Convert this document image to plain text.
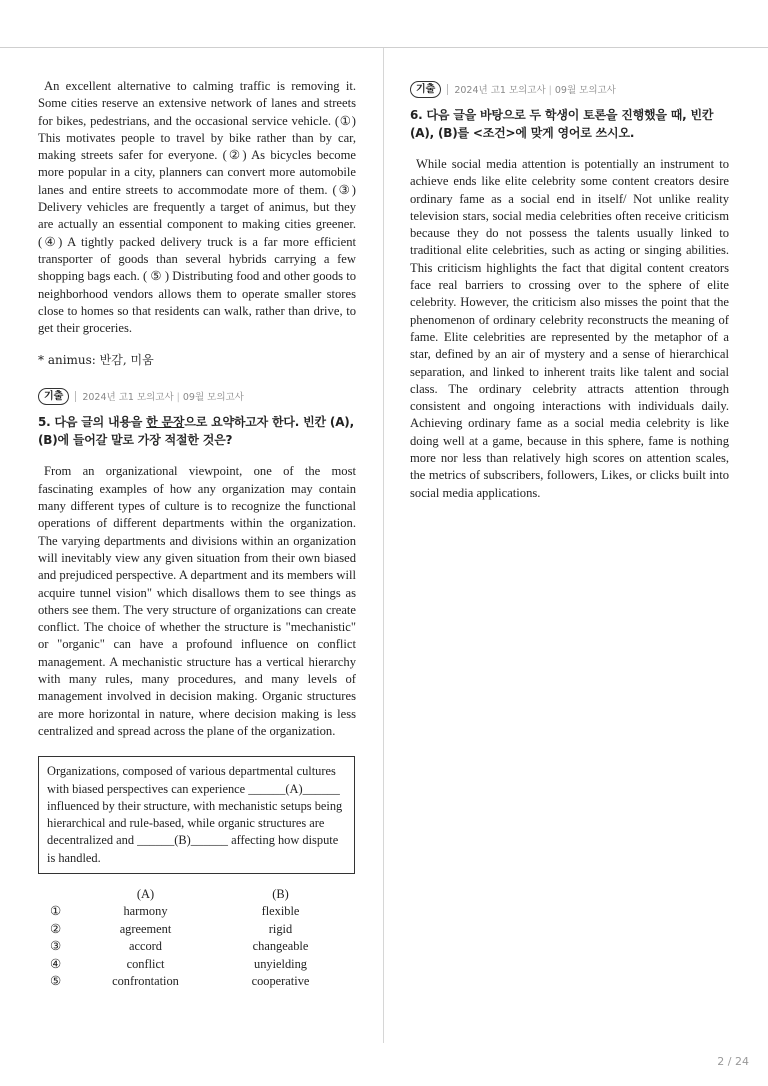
An excellent alternative to calming traffic is removing it. Some cities reserve an extensive network of lanes and streets for bikes, pedestrians, and the occasional service vehicle. (①) This motivates people to travel by bike rather than by car, making streets safer for everyone. (②) As bicycles become more popular in a city, planners can convert more automobile lanes and entire streets to accommodate more of them. (③) Delivery vehicles are frequently a target of animus, but they are actually an essential component to making cities greener. (④) A tightly packed delivery truck is a far more efficient transporter of goods than several hybrids carrying a few shopping bags each. ( ⑤ ) Distributing food and other goods to neighborhood vendors allows them to operate smaller stores close to homes so that residents can walk, rather than drive, to get their groceries.

* animus: 반감, 미움

기출	2024년 고1 모의고사 | 09월 모의고사

5. 다음 글의 내용을 한 문장으로 요약하고자 한다. 빈칸 (A), (B)에 들어갈 말로 가장 적절한 것은?

From an organizational viewpoint, one of the most fascinating examples of how any organization may contain many different types of culture is to recognize the functional operations of different departments within the organization. The varying departments and divisions within an organization will inevitably view any given situation from their own biased and prejudiced perspective. A department and its members will acquire tunnel vision" which disallows them to see things as others see them. The very structure of organizations can create conflict. The choice of whether the structure is "mechanistic" or "organic" can have a profound influence on conflict management. A mechanistic structure has a vertical hierarchy with many rules, many procedures, and many levels of management involved in decision making. Organic structures are more horizontal in nature, where decision making is less centralized and spread across the plane of the organization.

Organizations, composed of various departmental cultures with biased perspectives can experience ______(A)______ influenced by their structure, with mechanistic setups being hierarchical and rule-based, while organic structures are decentralized and ______(B)______ affecting how dispute is handled.

	(A)	(B)
①	harmony	flexible
②	agreement	rigid
③	accord	changeable
④	conflict	unyielding
⑤	confrontation	cooperative
기출	2024년 고1 모의고사 | 09월 모의고사

6. 다음 글을 바탕으로 두 학생이 토론을 진행했을 때, 빈칸 (A), (B)를 <조건>에 맞게 영어로 쓰시오.

While social media attention is potentially an instrument to achieve ends like elite celebrity some content creators desire ordinary fame as a social end in itself/ Not unlike reality television stars, social media celebrities often receive criticism because they do not possess the talents usually linked to traditional elite celebrities, such as acting or singing abilities. This criticism highlights the fact that digital content creators face real barriers to crossing over to the sphere of elite celebrity. However, the criticism also misses the point that the phenomenon of ordinary celebrity reconstructs the meaning of fame. Elite celebrities are represented by the metaphor of a star, defined by an air of mystery and a sense of hierarchical separation, and linked to inherent traits like talent and social class. The ordinary celebrity attracts attention through consistent and ongoing interactions with individuals daily. Achieving ordinary fame as a social media celebrity is like doing well at a game, because in this sphere, fame is nothing more nor less than relatively high scores on attention scales, the metrics of subscribers, followers, Likes, or clicks built into social media applications.

2 / 24
